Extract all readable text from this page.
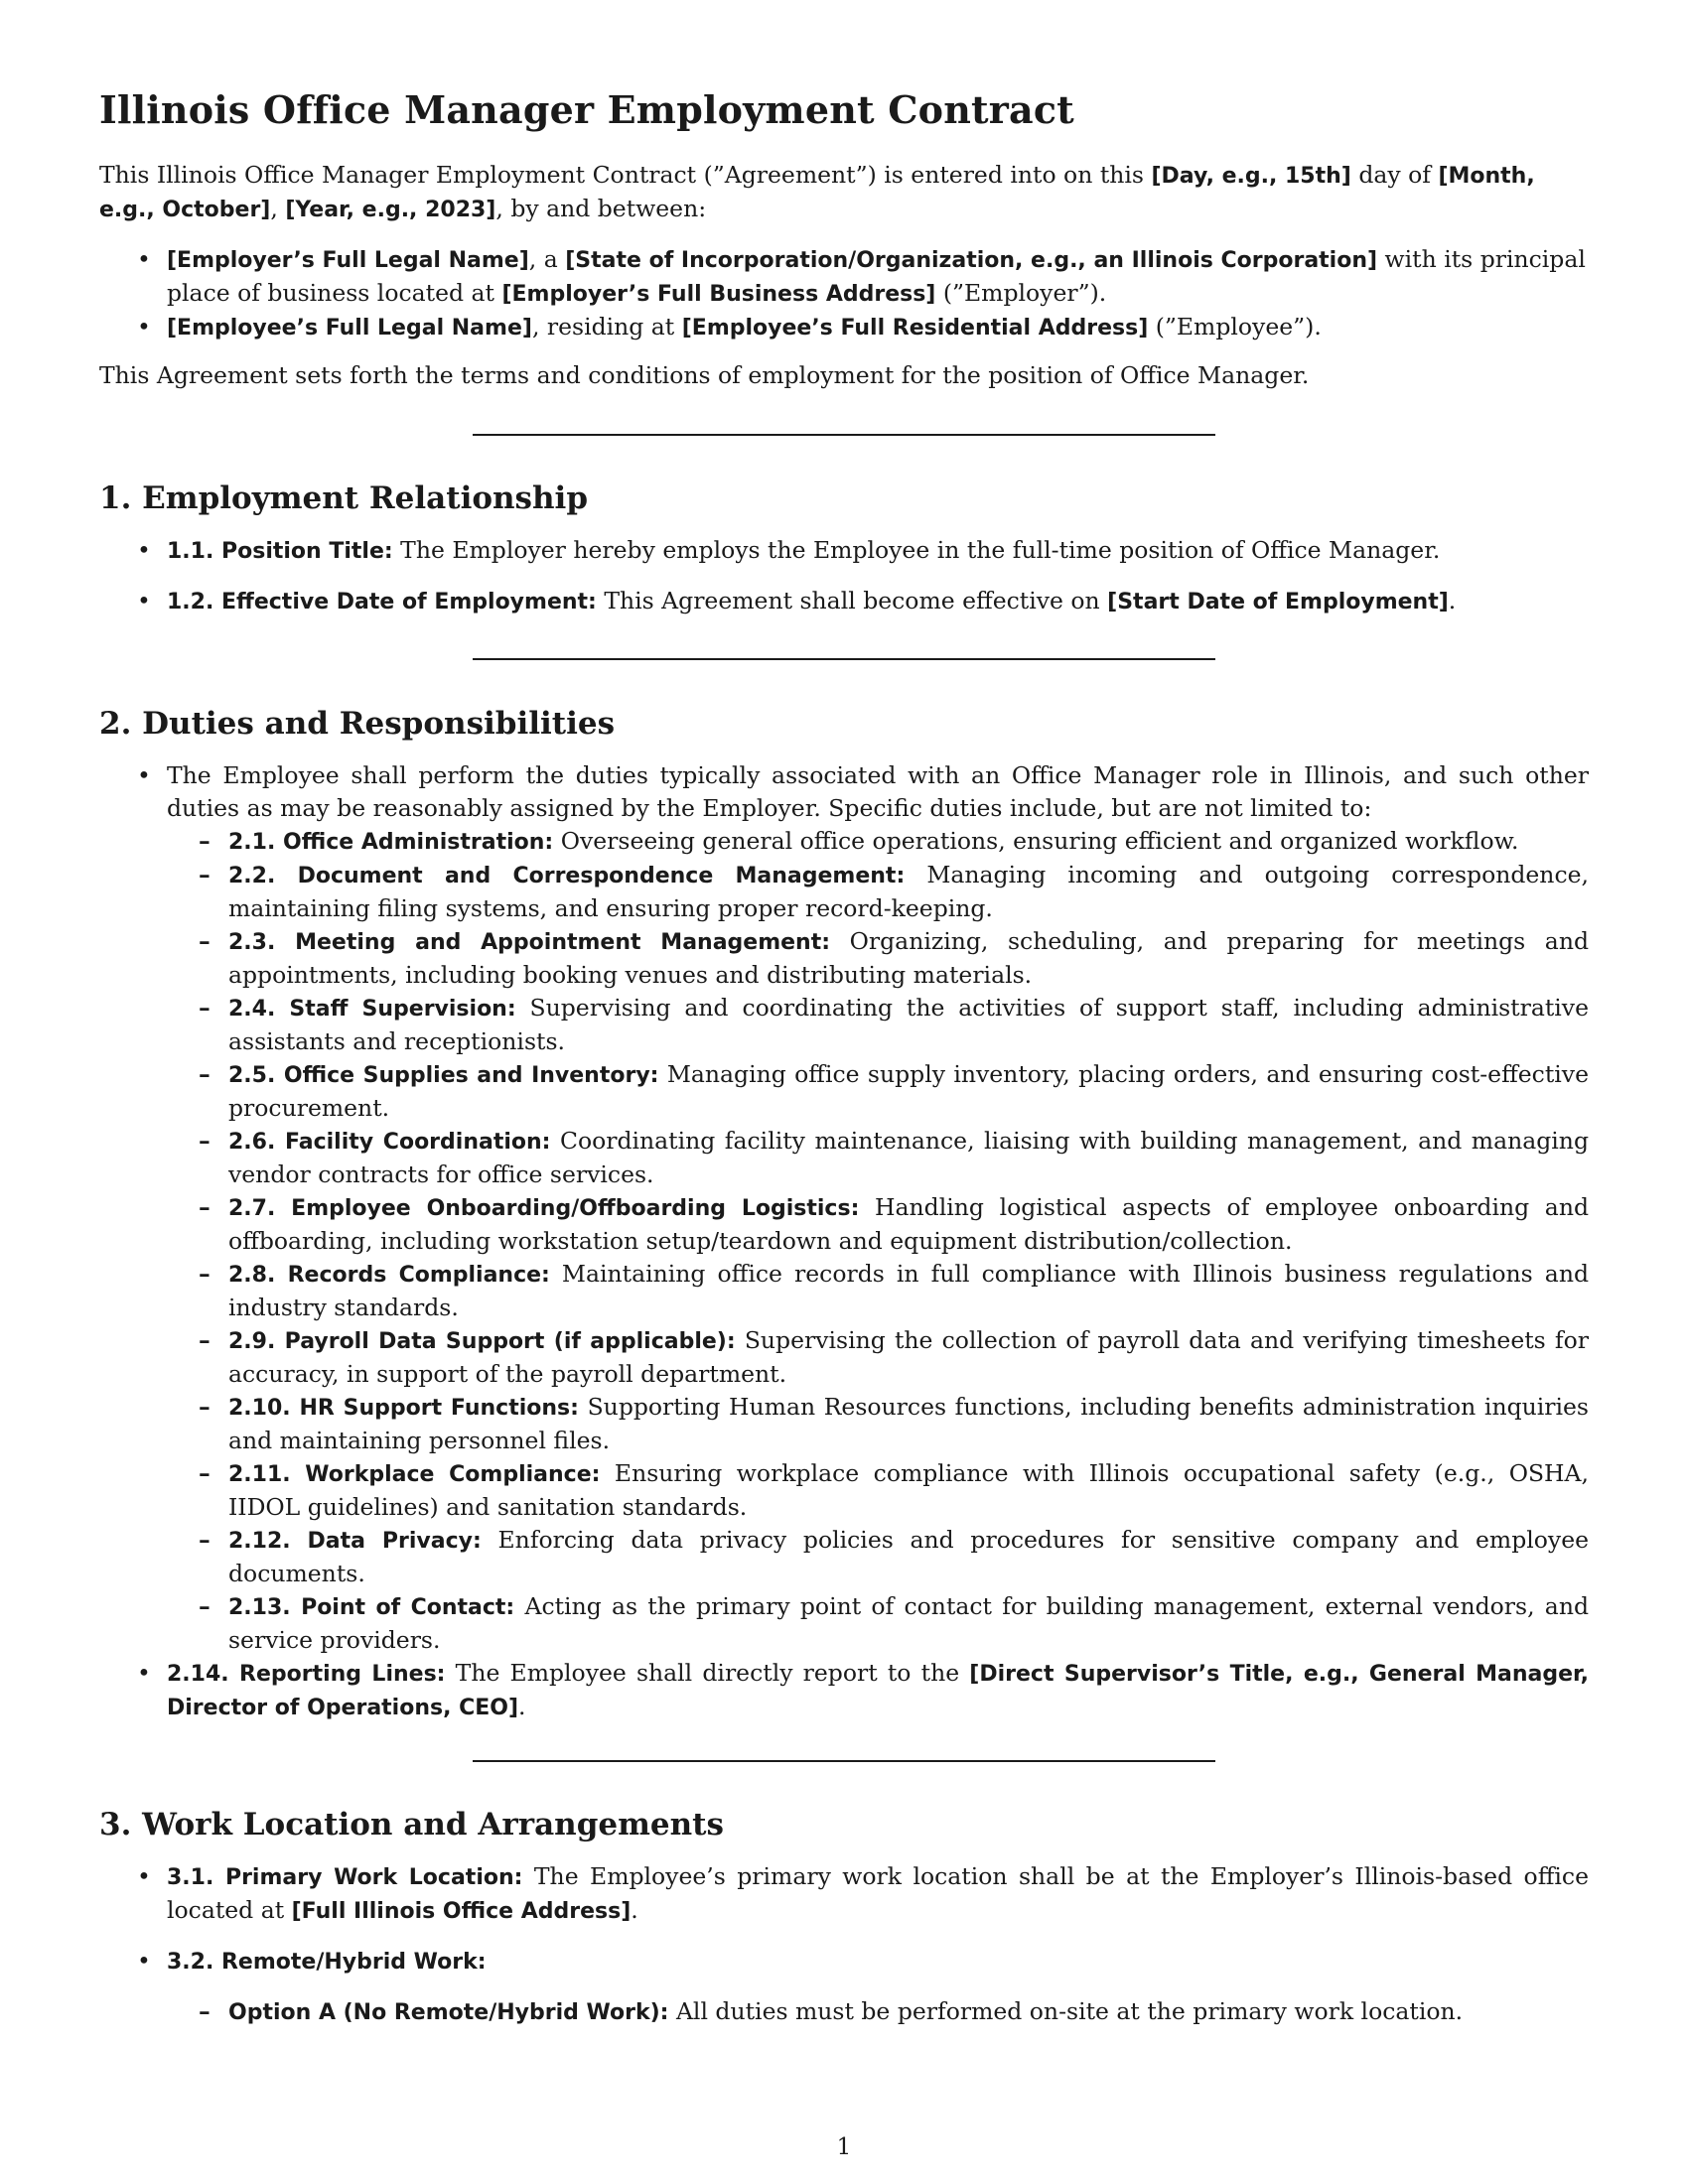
Illinois Office Manager Employment Contract

This Illinois Office Manager Employment Contract (”Agreement”) is entered into on this [Day, e.g., 15th] day of [Month, e.g., October], [Year, e.g., 2023], by and between:

• [Employer’s Full Legal Name], a [State of Incorporation/Organization, e.g., an Illinois Corporation] with its principal place of business located at [Employer’s Full Business Address] (”Employer”).
• [Employee’s Full Legal Name], residing at [Employee’s Full Residential Address] (”Employee”).

This Agreement sets forth the terms and conditions of employment for the position of Office Manager.

1. Employment Relationship
• 1.1. Position Title: The Employer hereby employs the Employee in the full-time position of Office Manager.
• 1.2. Effective Date of Employment: This Agreement shall become effective on [Start Date of Employment].
2. Duties and Responsibilities
• The Employee shall perform the duties typically associated with an Office Manager role in Illinois, and such other duties as may be reasonably assigned by the Employer. Specific duties include, but are not limited to:
– 2.1. Office Administration: Overseeing general office operations, ensuring efficient and organized workflow.
– 2.2. Document and Correspondence Management: Managing incoming and outgoing correspondence, maintaining filing systems, and ensuring proper record-keeping.
– 2.3. Meeting and Appointment Management: Organizing, scheduling, and preparing for meetings and appointments, including booking venues and distributing materials.
– 2.4. Staff Supervision: Supervising and coordinating the activities of support staff, including administrative assistants and receptionists.
– 2.5. Office Supplies and Inventory: Managing office supply inventory, placing orders, and ensuring cost-effective procurement.
– 2.6. Facility Coordination: Coordinating facility maintenance, liaising with building management, and managing vendor contracts for office services.
– 2.7. Employee Onboarding/Offboarding Logistics: Handling logistical aspects of employee onboarding and offboarding, including workstation setup/teardown and equipment distribution/collection.
– 2.8. Records Compliance: Maintaining office records in full compliance with Illinois business regulations and industry standards.
– 2.9. Payroll Data Support (if applicable): Supervising the collection of payroll data and verifying timesheets for accuracy, in support of the payroll department.
– 2.10. HR Support Functions: Supporting Human Resources functions, including benefits administration inquiries and maintaining personnel files.
– 2.11. Workplace Compliance: Ensuring workplace compliance with Illinois occupational safety (e.g., OSHA, IIDOL guidelines) and sanitation standards.
– 2.12. Data Privacy: Enforcing data privacy policies and procedures for sensitive company and employee documents.
– 2.13. Point of Contact: Acting as the primary point of contact for building management, external vendors, and service providers.
• 2.14. Reporting Lines: The Employee shall directly report to the [Direct Supervisor’s Title, e.g., General Manager, Director of Operations, CEO].
3. Work Location and Arrangements
• 3.1. Primary Work Location: The Employee’s primary work location shall be at the Employer’s Illinois-based office located at [Full Illinois Office Address].
• 3.2. Remote/Hybrid Work:
– Option A (No Remote/Hybrid Work): All duties must be performed on-site at the primary work location.
1
